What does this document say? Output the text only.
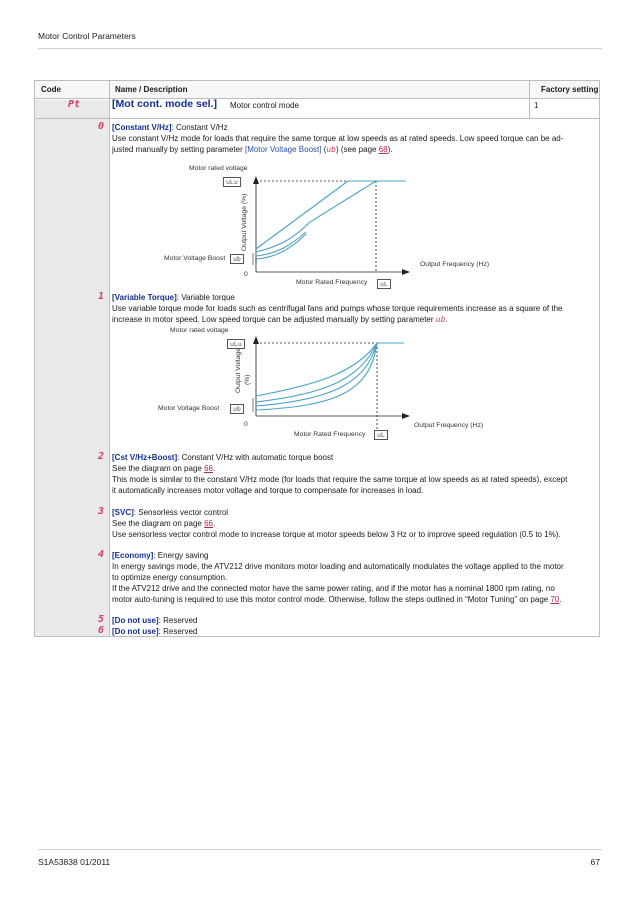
Motor Control Parameters
Code	Name / Description	Factory setting
Pt	[Mot cont. mode sel.] Motor control mode	1
0 [Constant V/Hz]: Constant V/Hz
Use constant V/Hz mode for loads that require the same torque at low speeds as at rated speeds. Low speed torque can be ad-
justed manually by setting parameter [Motor Voltage Boost] (ub) (see page 68).
Motor rated voltage
uLu
Output Voltage (%)
Motor Voltage Boost	ub
0
Motor Rated Frequency	uL
Output Frequency (Hz)
1 [Variable Torque]: Variable torque
Use variable torque mode for loads such as centrifugal fans and pumps whose torque requirements increase as a square of the
increase in motor speed. Low speed torque can be adjusted manually by setting parameter ub.
Motor rated voltage
uLu
Output Voltage (%)
Motor Voltage Boost	ub
0
Motor Rated Frequency	uL
Output Frequency (Hz)
2 [Cst V/Hz+Boost]: Constant V/Hz with automatic torque boost
See the diagram on page 66.
This mode is similar to the constant V/Hz mode (for loads that require the same torque at low speeds as at rated speeds), except
it automatically increases motor voltage and torque to compensate for increases in load.
3 [SVC]: Sensorless vector control
See the diagram on page 66.
Use sensorless vector control mode to increase torque at motor speeds below 3 Hz or to improve speed regulation (0.5 to 1%).
4 [Economy]: Energy saving
In energy savings mode, the ATV212 drive monitors motor loading and automatically modulates the voltage applied to the motor
to optimize energy consumption.
If the ATV212 drive and the connected motor have the same power rating, and if the motor has a nominal 1800 rpm rating, no
motor auto-tuning is required to use this motor control mode. Otherwise, follow the steps outlined in “Motor Tuning” on page 70.
5 [Do not use]: Reserved
6 [Do not use]: Reserved
S1A53838 01/2011	67
